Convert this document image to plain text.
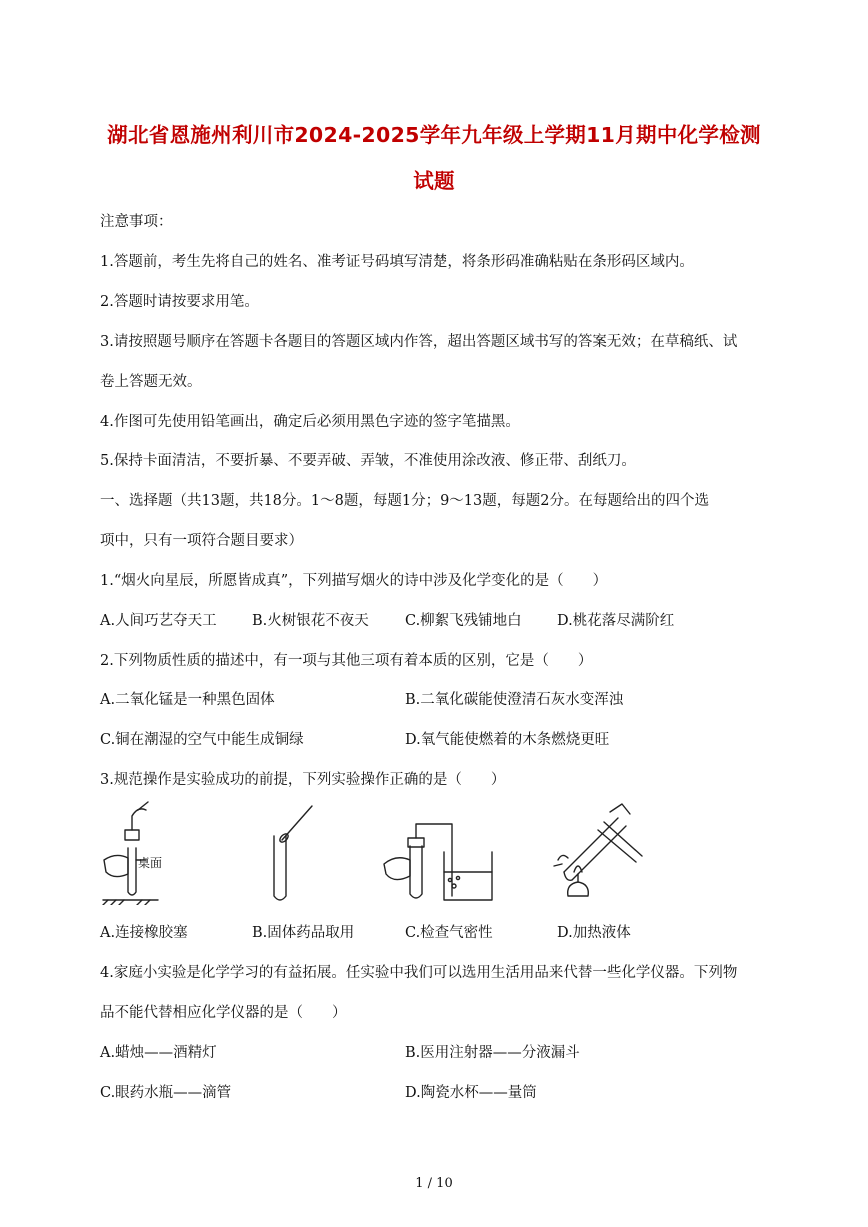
湖北省恩施州利川市2024-2025学年九年级上学期11月期中化学检测
试题
注意事项：
1.答题前，考生先将自己的姓名、准考证号码填写清楚，将条形码准确粘贴在条形码区域内。
2.答题时请按要求用笔。
3.请按照题号顺序在答题卡各题目的答题区域内作答，超出答题区域书写的答案无效；在草稿纸、试
卷上答题无效。
4.作图可先使用铅笔画出，确定后必须用黑色字迹的签字笔描黑。
5.保持卡面清洁，不要折暴、不要弄破、弄皱，不准使用涂改液、修正带、刮纸刀。
一、选择题（共13题，共18分。1～8题，每题1分；9～13题，每题2分。在每题给出的四个选
项中，只有一项符合题目要求）
1.“烟火向星辰，所愿皆成真”，下列描写烟火的诗中涉及化学变化的是（　　）
A.人间巧艺夺天工 B.火树银花不夜天 C.柳絮飞残铺地白 D.桃花落尽满阶红
2.下列物质性质的描述中，有一项与其他三项有着本质的区别，它是（　　）
A.二氧化锰是一种黑色固体	B.二氧化碳能使澄清石灰水变浑浊
C.铜在潮湿的空气中能生成铜绿	D.氧气能使燃着的木条燃烧更旺
3.规范操作是实验成功的前提，下列实验操作正确的是（　　）
桌面
A.连接橡胶塞	B.固体药品取用	C.检查气密性	D.加热液体
4.家庭小实验是化学学习的有益拓展。任实验中我们可以选用生活用品来代替一些化学仪器。下列物
品不能代替相应化学仪器的是（　　）
A.蜡烛——酒精灯	B.医用注射器——分液漏斗
C.眼药水瓶——滴管	D.陶瓷水杯——量筒
1 / 10
